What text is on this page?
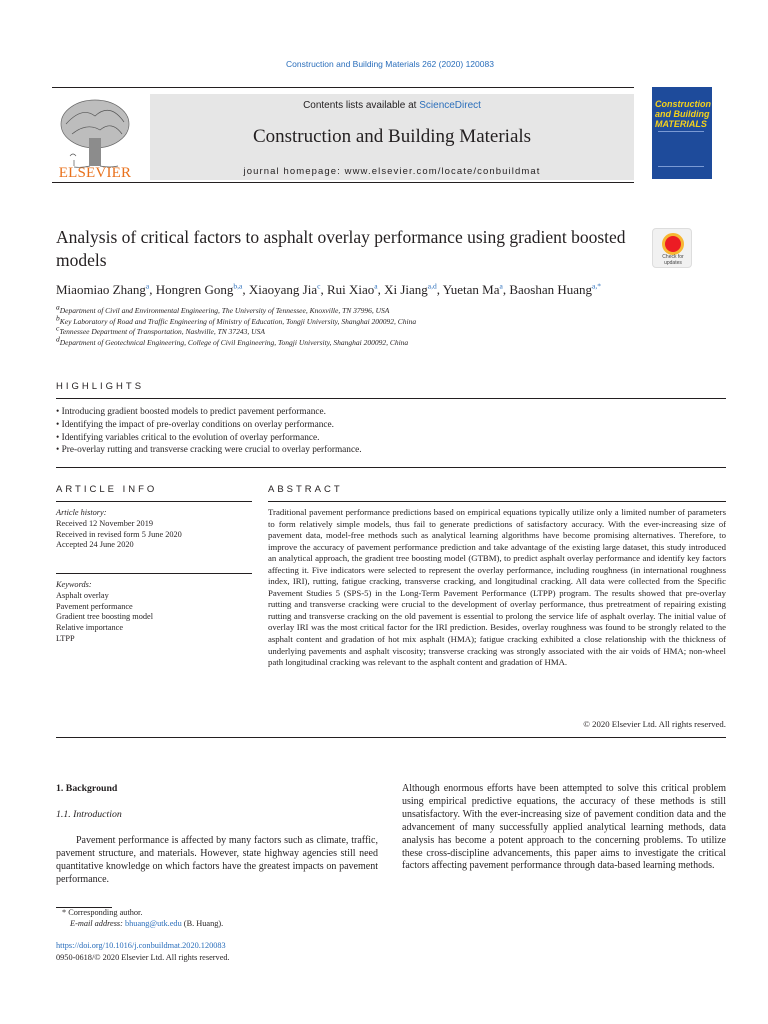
Construction and Building Materials 262 (2020) 120083
ELSEVIER
Contents lists available at ScienceDirect
Construction and Building Materials
journal homepage: www.elsevier.com/locate/conbuildmat
Construction and Building MATERIALS
Analysis of critical factors to asphalt overlay performance using gradient boosted models	Check for updates
Miaomiao Zhang$^a$, Hongren Gong$^{b,a}$, Xiaoyang Jia$^c$, Rui Xiao$^a$, Xi Jiang$^{a,d}$, Yuetan Ma$^a$, Baoshan Huang$^{a,*}$
$^a$Department of Civil and Environmental Engineering, The University of Tennessee, Knoxville, TN 37996, USA
$^b$Key Laboratory of Road and Traffic Engineering of Ministry of Education, Tongji University, Shanghai 200092, China
$^c$Tennessee Department of Transportation, Nashville, TN 37243, USA
$^d$Department of Geotechnical Engineering, College of Civil Engineering, Tongji University, Shanghai 200092, China
HIGHLIGHTS
• Introducing gradient boosted models to predict pavement performance.
• Identifying the impact of pre-overlay conditions on overlay performance.
• Identifying variables critical to the evolution of overlay performance.
• Pre-overlay rutting and transverse cracking were crucial to overlay performance.
ARTICLE INFO	ABSTRACT
Article history:
Received 12 November 2019
Received in revised form 5 June 2020
Accepted 24 June 2020
Keywords:
Asphalt overlay
Pavement performance
Gradient tree boosting model
Relative importance
LTPP
Traditional pavement performance predictions based on empirical equations typically utilize only a limited number of parameters to form relatively simple models, thus fail to generate predictions of satisfactory accuracy. With the ever-increasing size of pavement data, model-free methods such as analytical learning algorithms have become promising alternatives. Therefore, to improve the accuracy of pavement performance prediction and take advantage of the existing large dataset, this study introduced an analytical approach, the gradient tree boosting model (GTBM), to predict asphalt overlay performance and identify key factors affecting it. Five indicators were selected to represent the overlay performance, including roughness (in international roughness index, IRI), rutting, fatigue cracking, transverse cracking, and longitudinal cracking. All data were collected from the Specific Pavement Studies 5 (SPS-5) in the Long-Term Pavement Performance (LTPP) program. The results showed that pre-overlay rutting and transverse cracking were crucial to the development of overlay performance, thus pretreatment of repairing existing rutting and transverse cracking on the old pavement is essential to prolong the service life of asphalt overlay. The initial value of overlay IRI was the most critical factor for the IRI prediction. Besides, overlay roughness was found to be strongly related to the asphalt content and gradation of hot mix asphalt (HMA); fatigue cracking exhibited a close relationship with the thickness of underlying pavements and asphalt viscosity; transverse cracking was strongly associated with the air voids of HMA; non-wheel path longitudinal cracking was relevant to the asphalt content and gradation of HMA.
© 2020 Elsevier Ltd. All rights reserved.
1. Background
1.1. Introduction
Pavement performance is affected by many factors such as climate, traffic, pavement structure, and materials. However, state highway agencies still need quantitative knowledge on which factors have the greatest impacts on pavement performance.
Although enormous efforts have been attempted to solve this critical problem using empirical predictive equations, the accuracy of these methods is still unsatisfactory. With the ever-increasing size of pavement condition data and the advancement of many successfully applied analytical learning methods, data analysis has become a potent approach to the concerning problems. To utilize these cross-discipline advancements, this paper aims to investigate the critical factors affecting pavement performance through data-based learning methods.
* Corresponding author.
E-mail address: bhuang@utk.edu (B. Huang).
https://doi.org/10.1016/j.conbuildmat.2020.120083
0950-0618/© 2020 Elsevier Ltd. All rights reserved.
